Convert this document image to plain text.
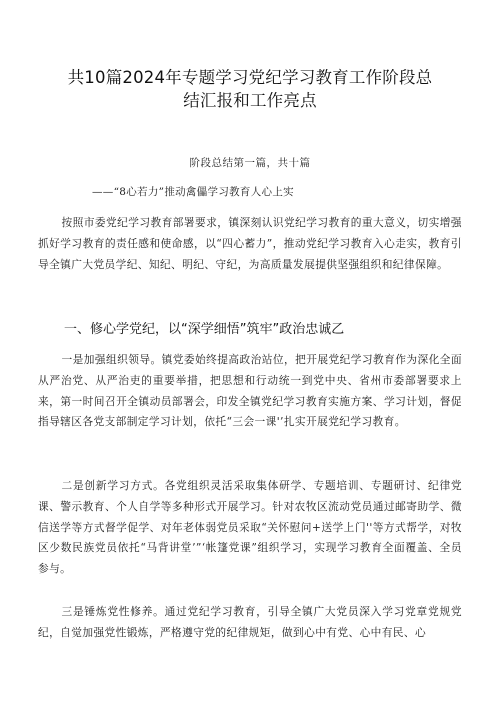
共10篇2024年专题学习党纪学习教育工作阶段总
结汇报和工作亮点
阶段总结第一篇，共十篇
——“8心若力”推动禽儡学习教育人心上实

按照市委党纪学习教育部署要求，镇深刻认识党纪学习教育的重大意义，切实增强抓好学习教育的责任感和使命感，以“四心蓄力”，推动党纪学习教育入心走实，教育引导全镇广大党员学纪、知纪、明纪、守纪，为高质量发展提供坚强组织和纪律保障。

一、修心学党纪，以“深学细悟”筑牢”政治忠诚乙

一是加强组织领导。镇党委始终提高政治站位，把开展党纪学习教育作为深化全面从严治党、从严治吏的重要举措，把思想和行动统一到党中央、省州市委部署要求上来，第一时间召开全镇动员部署会，印发全镇党纪学习教育实施方案、学习计划，督促指导辖区各党支部制定学习计划，依托“三会一课'’扎实开展党纪学习教育。

二是创新学习方式。各党组织灵活采取集体研学、专题培训、专题研讨、纪律党课、警示教育、个人自学等多种形式开展学习。针对农牧区流动党员通过邮寄助学、微信送学等方式督学促学、对年老体弱党员采取“关怀慰问+送学上门''等方式帮学，对牧区少数民族党员依托“马背讲堂’”‘帐篷党课”组织学习，实现学习教育全面覆盖、全员参与。

三是锤炼党性修养。通过党纪学习教育，引导全镇广大党员深入学习党章党规党纪，自觉加强党性锻炼，严格遵守党的纪律规矩，做到心中有党、心中有民、心
